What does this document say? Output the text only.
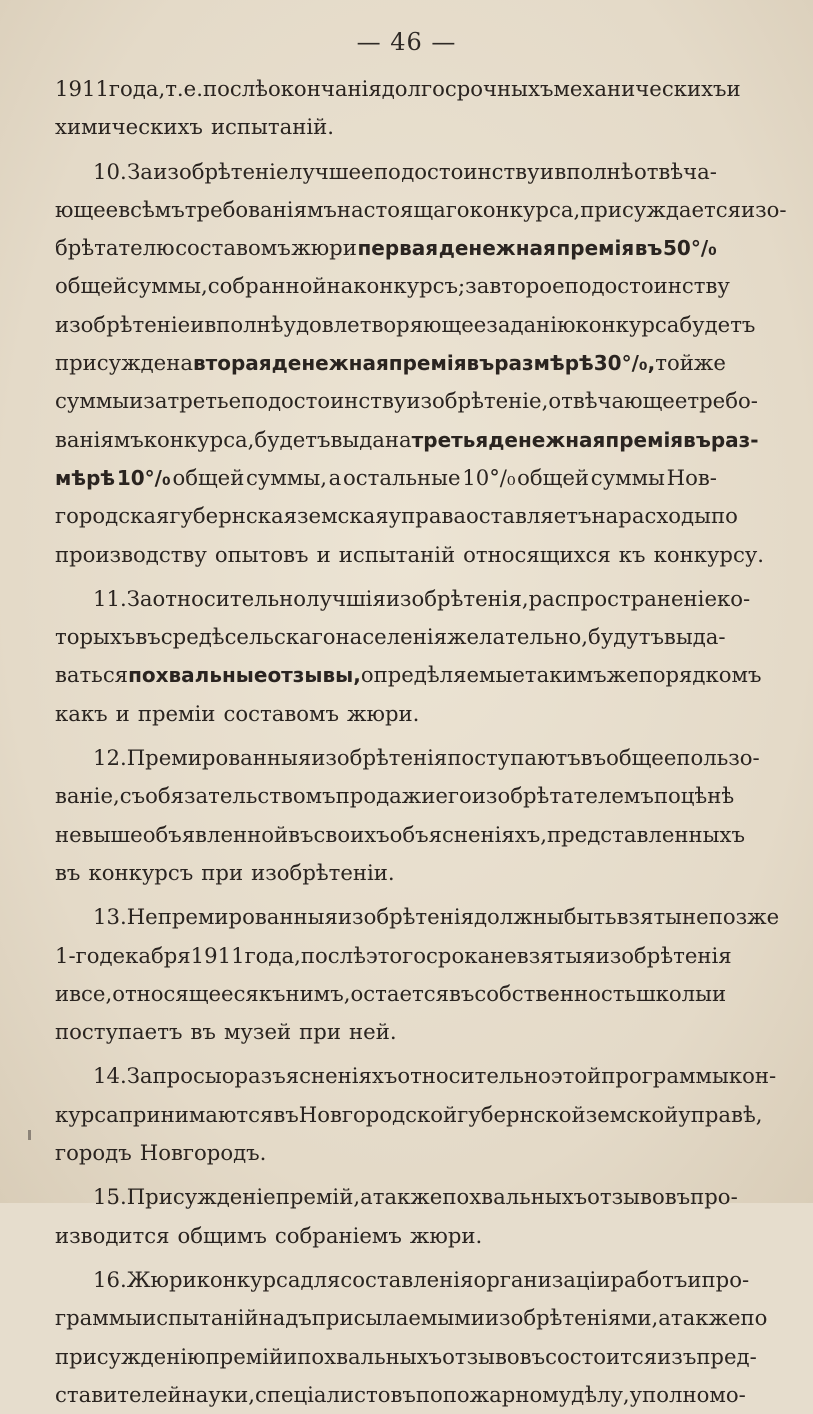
— 46 —
1911 года, т. е. послѣ окончанія долгосрочныхъ механическихъ и
химическихъ испытаній.
10. За изобрѣтеніе лучшее по достоинству и вполнѣ отвѣча-
ющее всѣмъ требованіямъ настоящаго конкурса, присуждается изо-
брѣтателю составомъ жюри первая денежная премія въ 50°/₀
общей суммы, собранной на конкурсъ; за второе по достоинству
изобрѣтеніе и вполнѣ удовлетворяющее заданію конкурса будетъ
присуждена вторая денежная премія въ размѣрѣ 30°/₀, той же
суммы и за третье по достоинству изобрѣтеніе, отвѣчающее требо-
ваніямъ конкурса, будетъ выдана третья денежная премія въ раз-
мѣрѣ 10°/₀ общей суммы, а остальные 10°/₀ общей суммы Нов-
городская губернская земская управа оставляетъ на расходы по
производству опытовъ и испытаній относящихся къ конкурсу.
11. За относительно лучшія изобрѣтенія, распространеніе ко-
торыхъ въ средѣ сельскаго населенія желательно, будутъ выда-
ваться похвальные отзывы, опредѣляемые такимъ же порядкомъ
какъ и преміи составомъ жюри.
12. Премированныя изобрѣтенія поступаютъ въ общее пользо-
ваніе, съ обязательствомъ продажи его изобрѣтателемъ по цѣнѣ
не выше объявленной въ своихъ объясненіяхъ, представленныхъ
въ конкурсъ при изобрѣтеніи.
13. Непремированныя изобрѣтенія должны быть взяты не позже
1-го декабря 1911 года, послѣ этого срока не взятыя изобрѣтенія
и все, относящееся къ нимъ, остается въ собственность школы и
поступаетъ въ музей при ней.
14. Запросы о разъясненіяхъ относительно этой программы кон-
курса принимаются въ Новгородской губернской земской управѣ,
городъ Новгородъ.
15. Присужденіе премій, а также похвальныхъ отзывовъ про-
изводится общимъ собраніемъ жюри.
16. Жюри конкурса для составленія организаціи работъ и про-
граммы испытаній надъ присылаемыми изобрѣтеніями, а также по
присужденію премій и похвальныхъ отзывовъ состоится изъ пред-
ставителей науки, спеціалистовъ по пожарному дѣлу, уполномо-
